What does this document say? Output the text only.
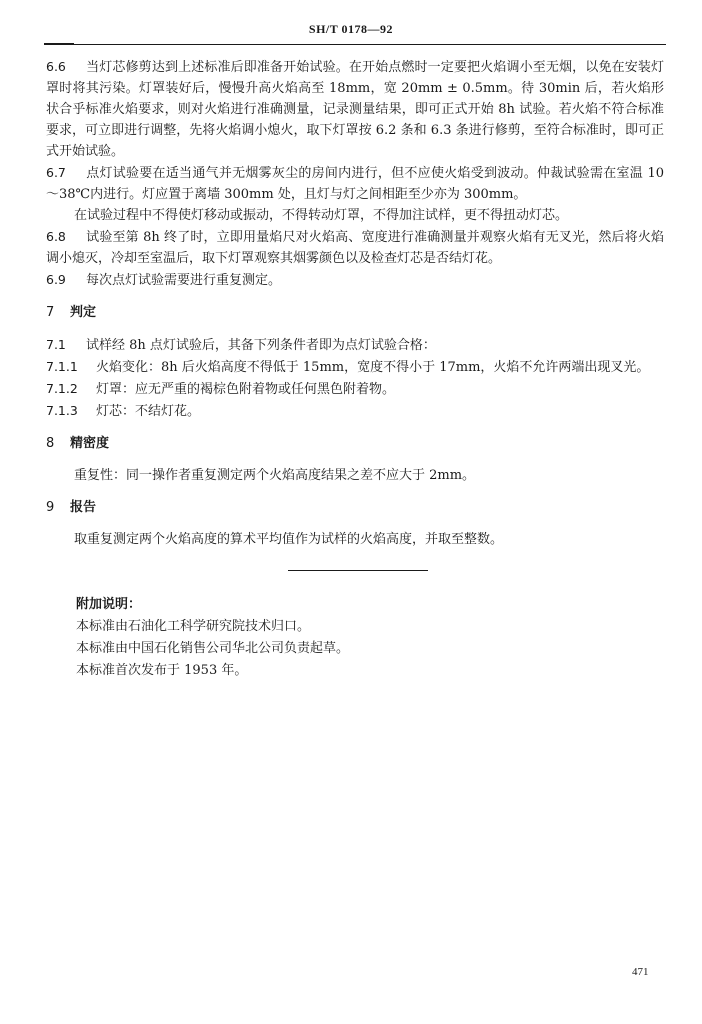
SH/T 0178—92

6.6 当灯芯修剪达到上述标准后即准备开始试验。在开始点燃时一定要把火焰调小至无烟，以免在安装灯罩时将其污染。灯罩装好后，慢慢升高火焰高至 18mm，宽 20mm ± 0.5mm。待 30min 后，若火焰形状合乎标准火焰要求，则对火焰进行准确测量，记录测量结果，即可正式开始 8h 试验。若火焰不符合标准要求，可立即进行调整，先将火焰调小熄火，取下灯罩按 6.2 条和 6.3 条进行修剪，至符合标准时，即可正式开始试验。

6.7 点灯试验要在适当通气并无烟雾灰尘的房间内进行，但不应使火焰受到波动。仲裁试验需在室温 10～38℃内进行。灯应置于离墙 300mm 处，且灯与灯之间相距至少亦为 300mm。

在试验过程中不得使灯移动或振动，不得转动灯罩，不得加注试样，更不得扭动灯芯。

6.8 试验至第 8h 终了时，立即用量焰尺对火焰高、宽度进行准确测量并观察火焰有无叉光，然后将火焰调小熄灭，冷却至室温后，取下灯罩观察其烟雾颜色以及检查灯芯是否结灯花。

6.9 每次点灯试验需要进行重复测定。

7 判定

7.1 试样经 8h 点灯试验后，其备下列条件者即为点灯试验合格：

7.1.1 火焰变化：8h 后火焰高度不得低于 15mm，宽度不得小于 17mm，火焰不允许两端出现叉光。

7.1.2 灯罩：应无严重的褐棕色附着物或任何黑色附着物。

7.1.3 灯芯：不结灯花。

8 精密度

重复性：同一操作者重复测定两个火焰高度结果之差不应大于 2mm。

9 报告

取重复测定两个火焰高度的算术平均值作为试样的火焰高度，并取至整数。

附加说明：
本标准由石油化工科学研究院技术归口。
本标准由中国石化销售公司华北公司负责起草。
本标准首次发布于 1953 年。
471
